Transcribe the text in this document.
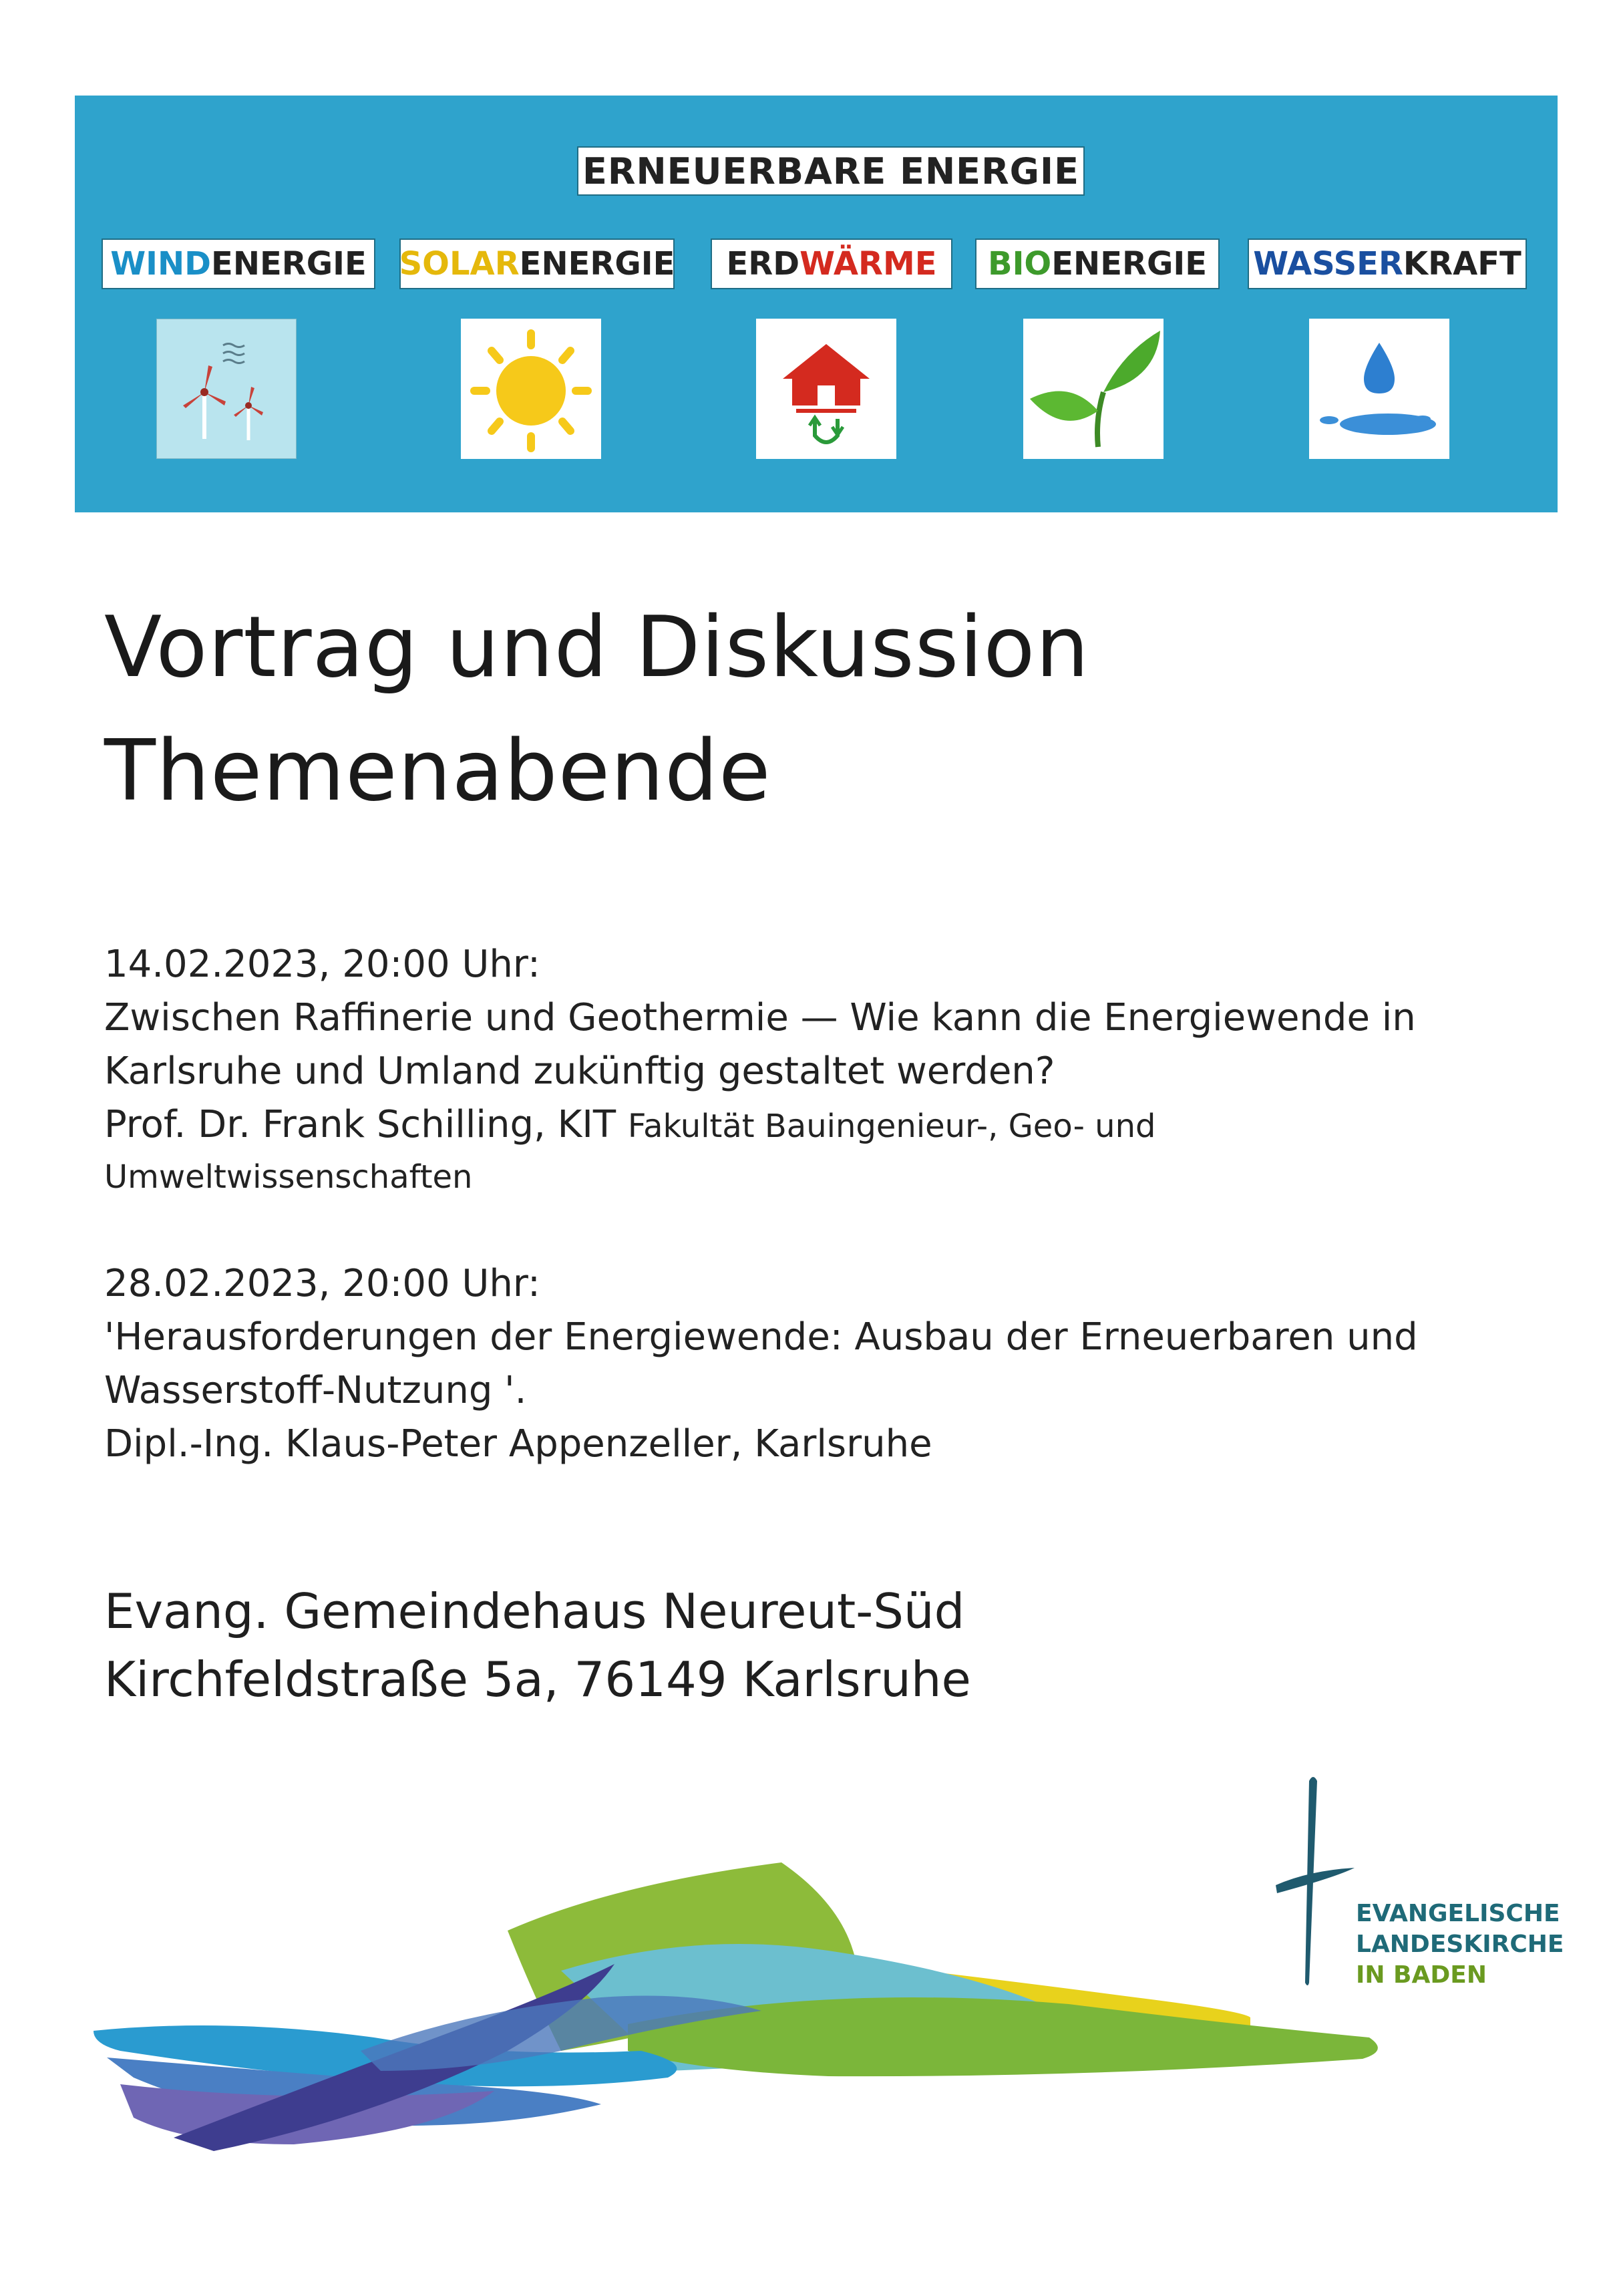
ERNEUERBARE ENERGIE
WIND ENERGIE SOLAR ENERGIE ERD WÄRME BIO ENERGIE WASSER KRAFT
Vortrag und Diskussion
Themenabende
14.02.2023, 20:00 Uhr:
Zwischen Raffinerie und Geothermie — Wie kann die Energiewende in
Karlsruhe und Umland zukünftig gestaltet werden?
Prof. Dr. Frank Schilling, KIT Fakultät Bauingenieur-, Geo- und
Umweltwissenschaften
28.02.2023, 20:00 Uhr:
'Herausforderungen der Energiewende: Ausbau der Erneuerbaren und
Wasserstoff-Nutzung '.
Dipl.-Ing. Klaus-Peter Appenzeller, Karlsruhe
Evang. Gemeindehaus Neureut-Süd
Kirchfeldstraße 5a, 76149 Karlsruhe
EVANGELISCHE
LANDESKIRCHE
IN BADEN
